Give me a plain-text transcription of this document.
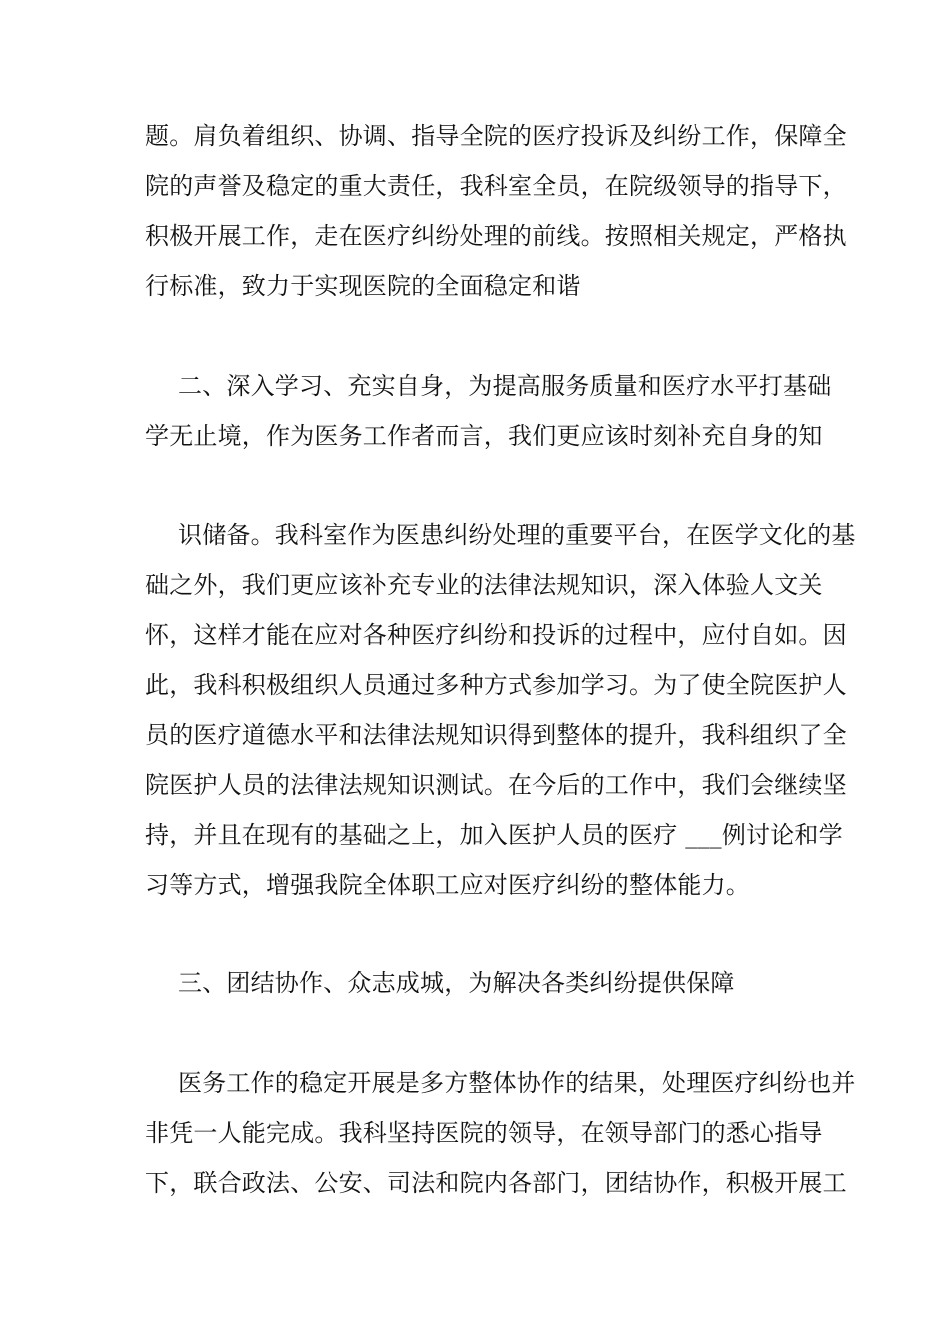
题。肩负着组织、协调、指导全院的医疗投诉及纠纷工作，保障全
院的声誉及稳定的重大责任，我科室全员，在院级领导的指导下，
积极开展工作，走在医疗纠纷处理的前线。按照相关规定，严格执
行标准，致力于实现医院的全面稳定和谐
二、深入学习、充实自身，为提高服务质量和医疗水平打基础
学无止境，作为医务工作者而言，我们更应该时刻补充自身的知
识储备。我科室作为医患纠纷处理的重要平台，在医学文化的基
础之外，我们更应该补充专业的法律法规知识，深入体验人文关
怀，这样才能在应对各种医疗纠纷和投诉的过程中，应付自如。因
此，我科积极组织人员通过多种方式参加学习。为了使全院医护人
员的医疗道德水平和法律法规知识得到整体的提升，我科组织了全
院医护人员的法律法规知识测试。在今后的工作中，我们会继续坚
持，并且在现有的基础之上，加入医护人员的医疗 ___例讨论和学
习等方式，增强我院全体职工应对医疗纠纷的整体能力。
三、团结协作、众志成城，为解决各类纠纷提供保障
医务工作的稳定开展是多方整体协作的结果，处理医疗纠纷也并
非凭一人能完成。我科坚持医院的领导，在领导部门的悉心指导
下，联合政法、公安、司法和院内各部门，团结协作，积极开展工
